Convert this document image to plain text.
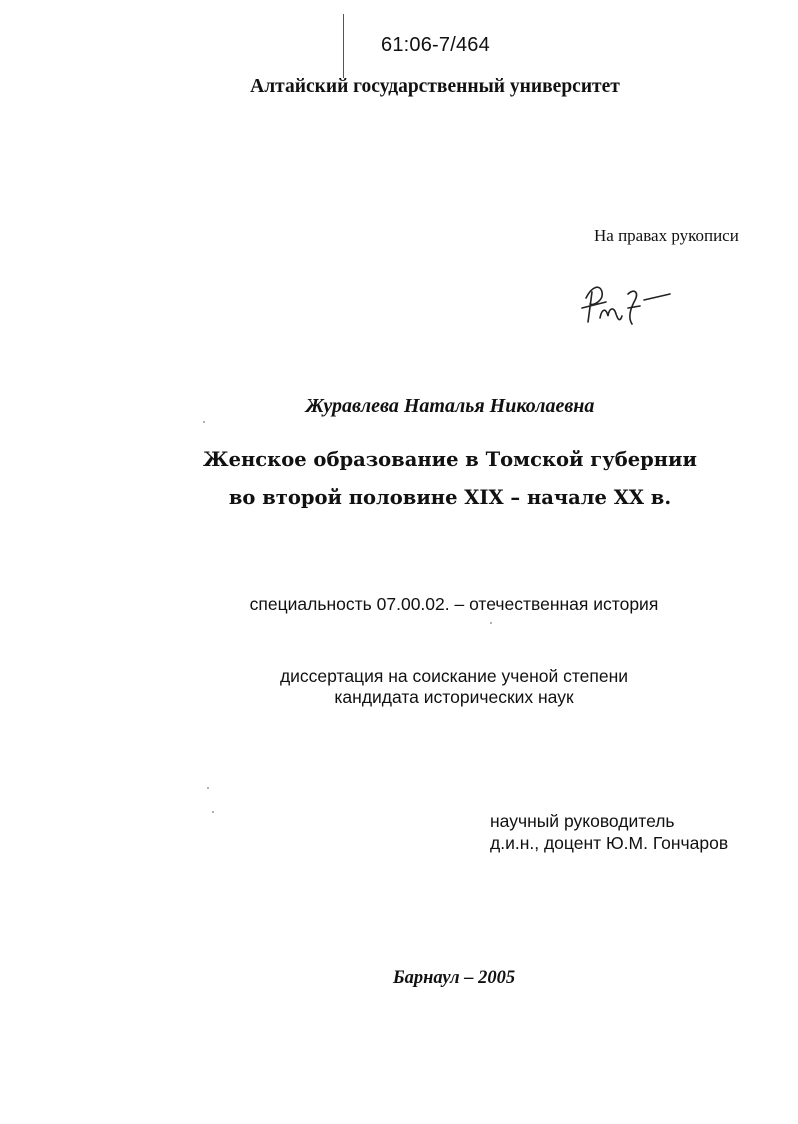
61:06-7/464
Алтайский государственный университет
На правах рукописи
Журавлева Наталья Николаевна
Женское образование в Томской губернии
во второй половине XIX – начале XX в.
специальность 07.00.02. – отечественная история
диссертация на соискание ученой степени
кандидата исторических наук
научный руководитель
д.и.н., доцент Ю.М. Гончаров
Барнаул – 2005
